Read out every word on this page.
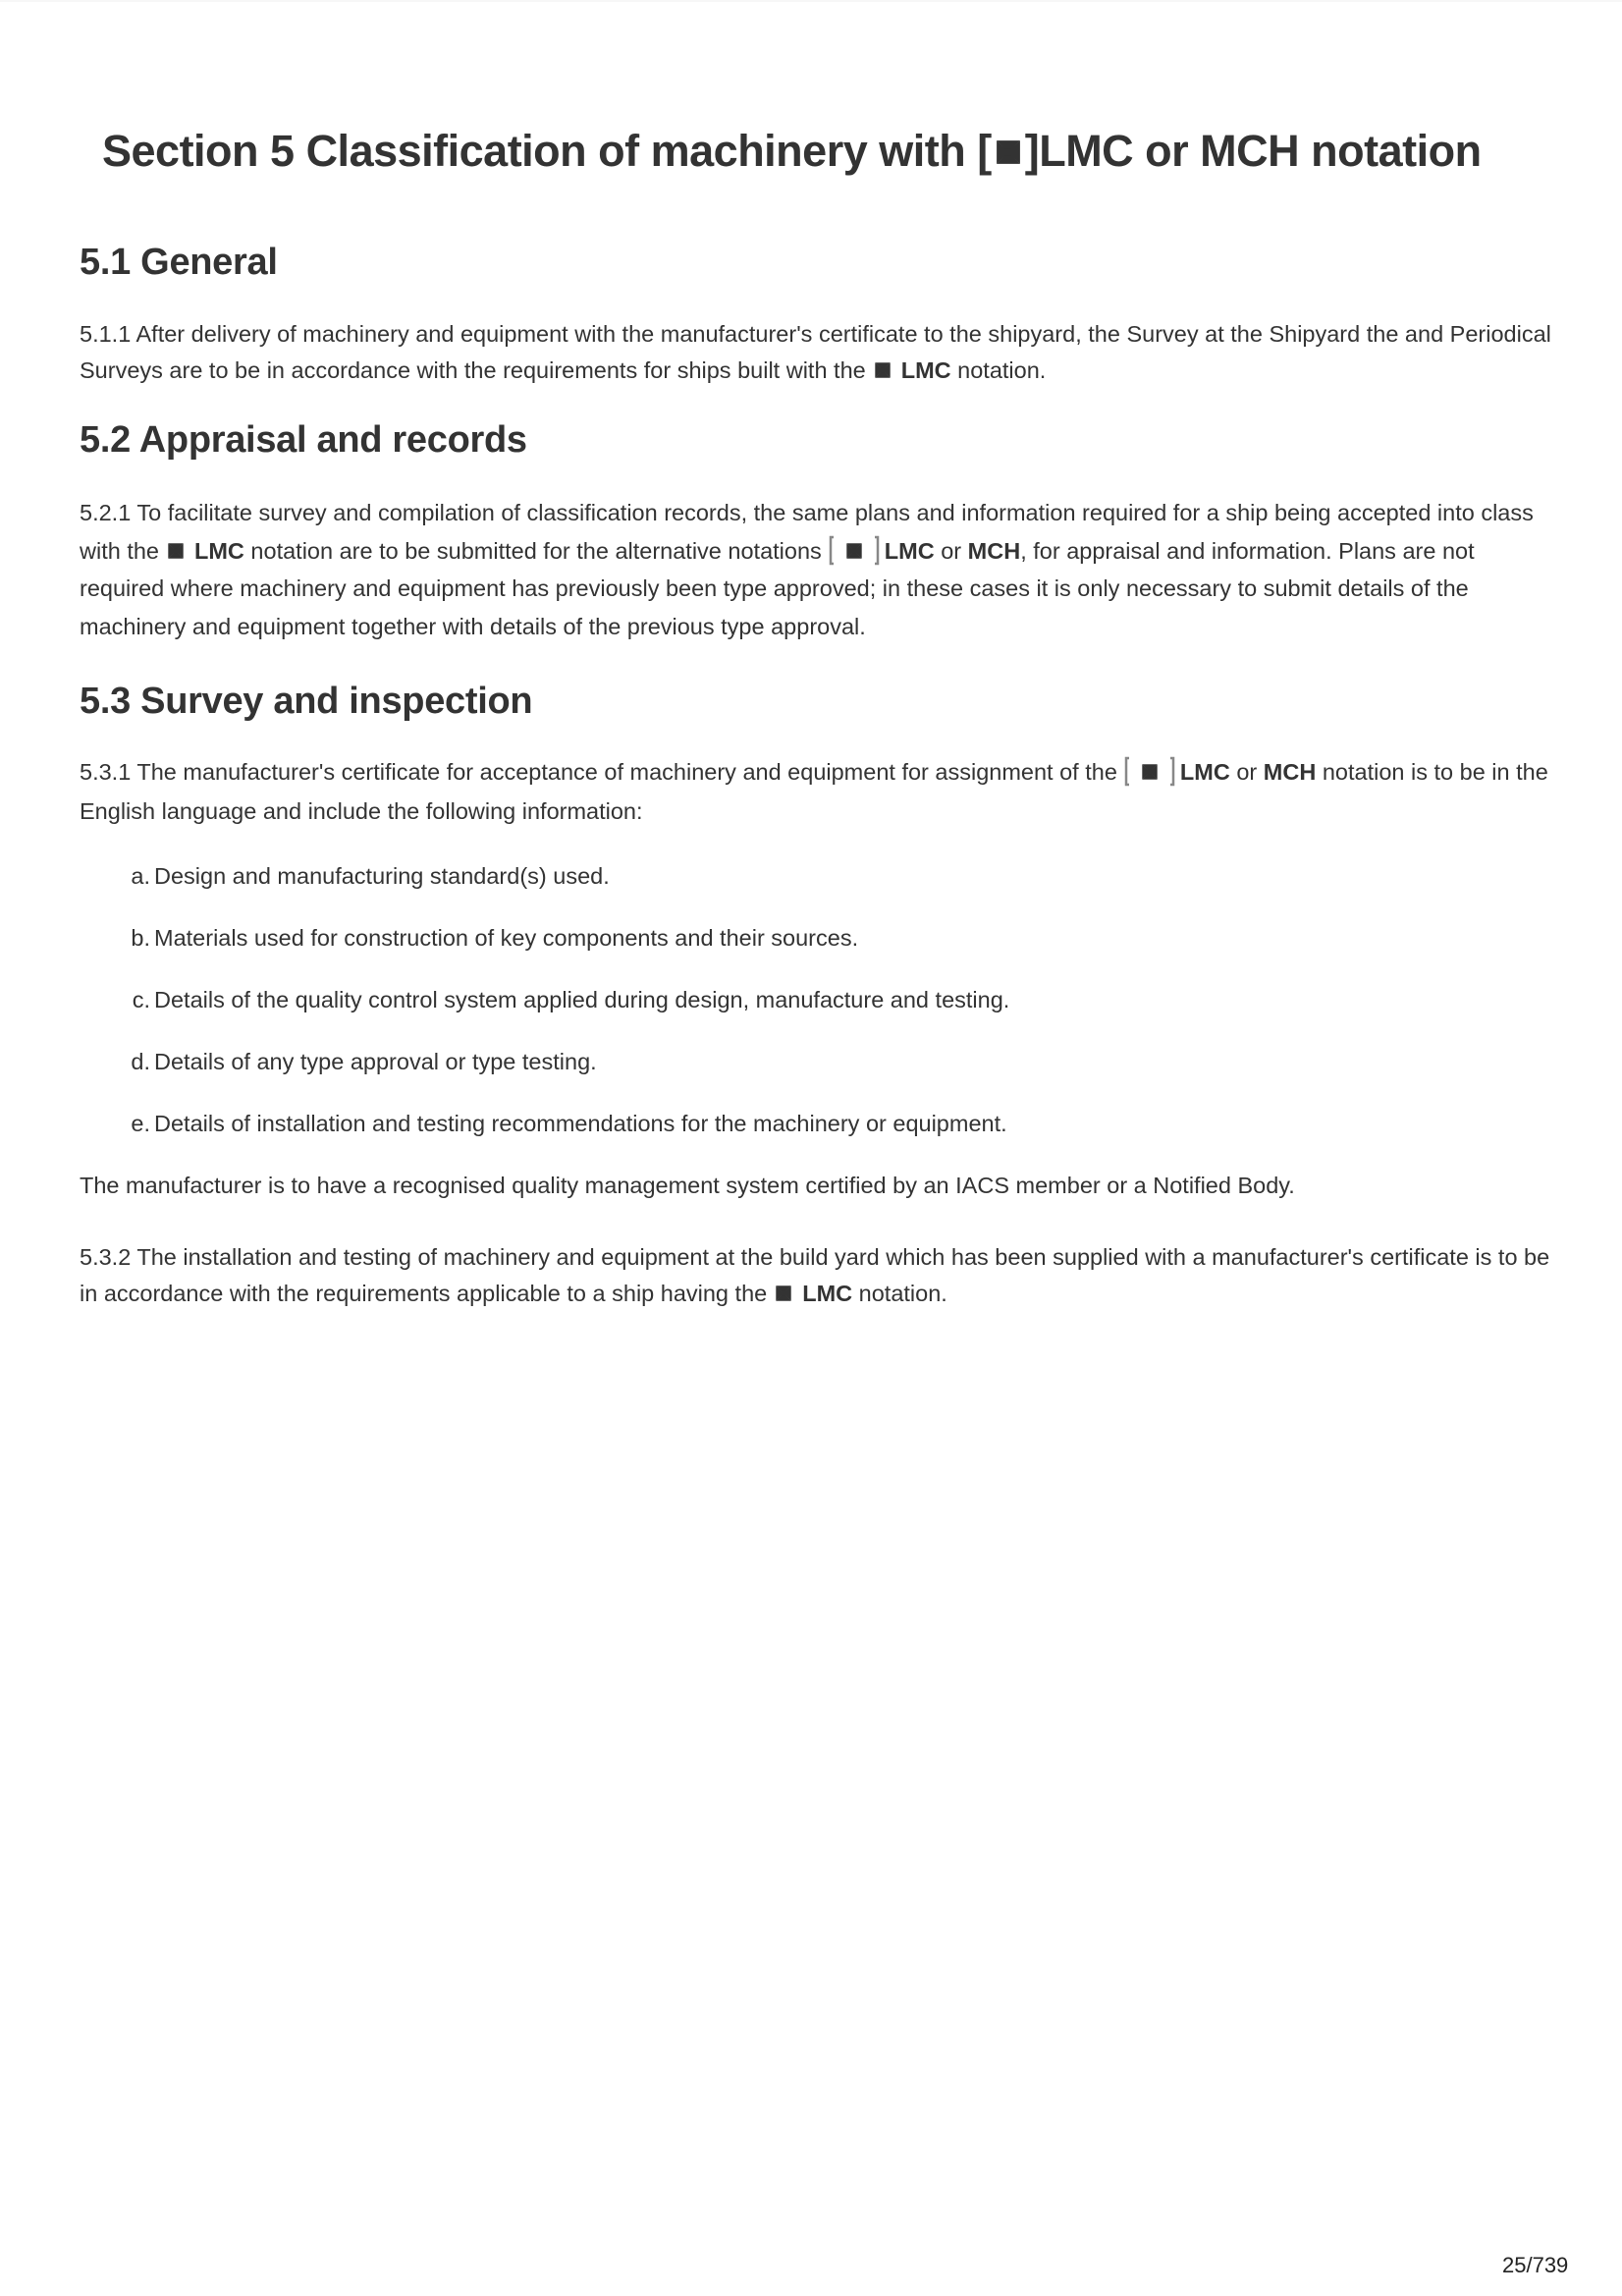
Section 5 Classification of machinery with [ ]LMC or MCH notation
5.1 General

5.1.1 After delivery of machinery and equipment with the manufacturer's certificate to the shipyard, the Survey at the Shipyard the and Periodical Surveys are to be in accordance with the requirements for ships built with the LMC notation.

5.2 Appraisal and records

5.2.1 To facilitate survey and compilation of classification records, the same plans and information required for a ship being accepted into class with the LMC notation are to be submitted for the alternative notations	LMC or MCH, for appraisal and information. Plans are not required where machinery and equipment has previously been type approved; in these cases it is only necessary to submit details of the machinery and equipment together with details of the previous type approval.

5.3 Survey and inspection

5.3.1 The manufacturer's certificate for acceptance of machinery and equipment for assignment of the	LMC or MCH notation is to be in the English language and include the following information:

a. Design and manufacturing standard(s) used.
b. Materials used for construction of key components and their sources.
c. Details of the quality control system applied during design, manufacture and testing.
d. Details of any type approval or type testing.
e. Details of installation and testing recommendations for the machinery or equipment.

The manufacturer is to have a recognised quality management system certified by an IACS member or a Notified Body.

5.3.2 The installation and testing of machinery and equipment at the build yard which has been supplied with a manufacturer's certificate is to be in accordance with the requirements applicable to a ship having the LMC notation.

25/739
